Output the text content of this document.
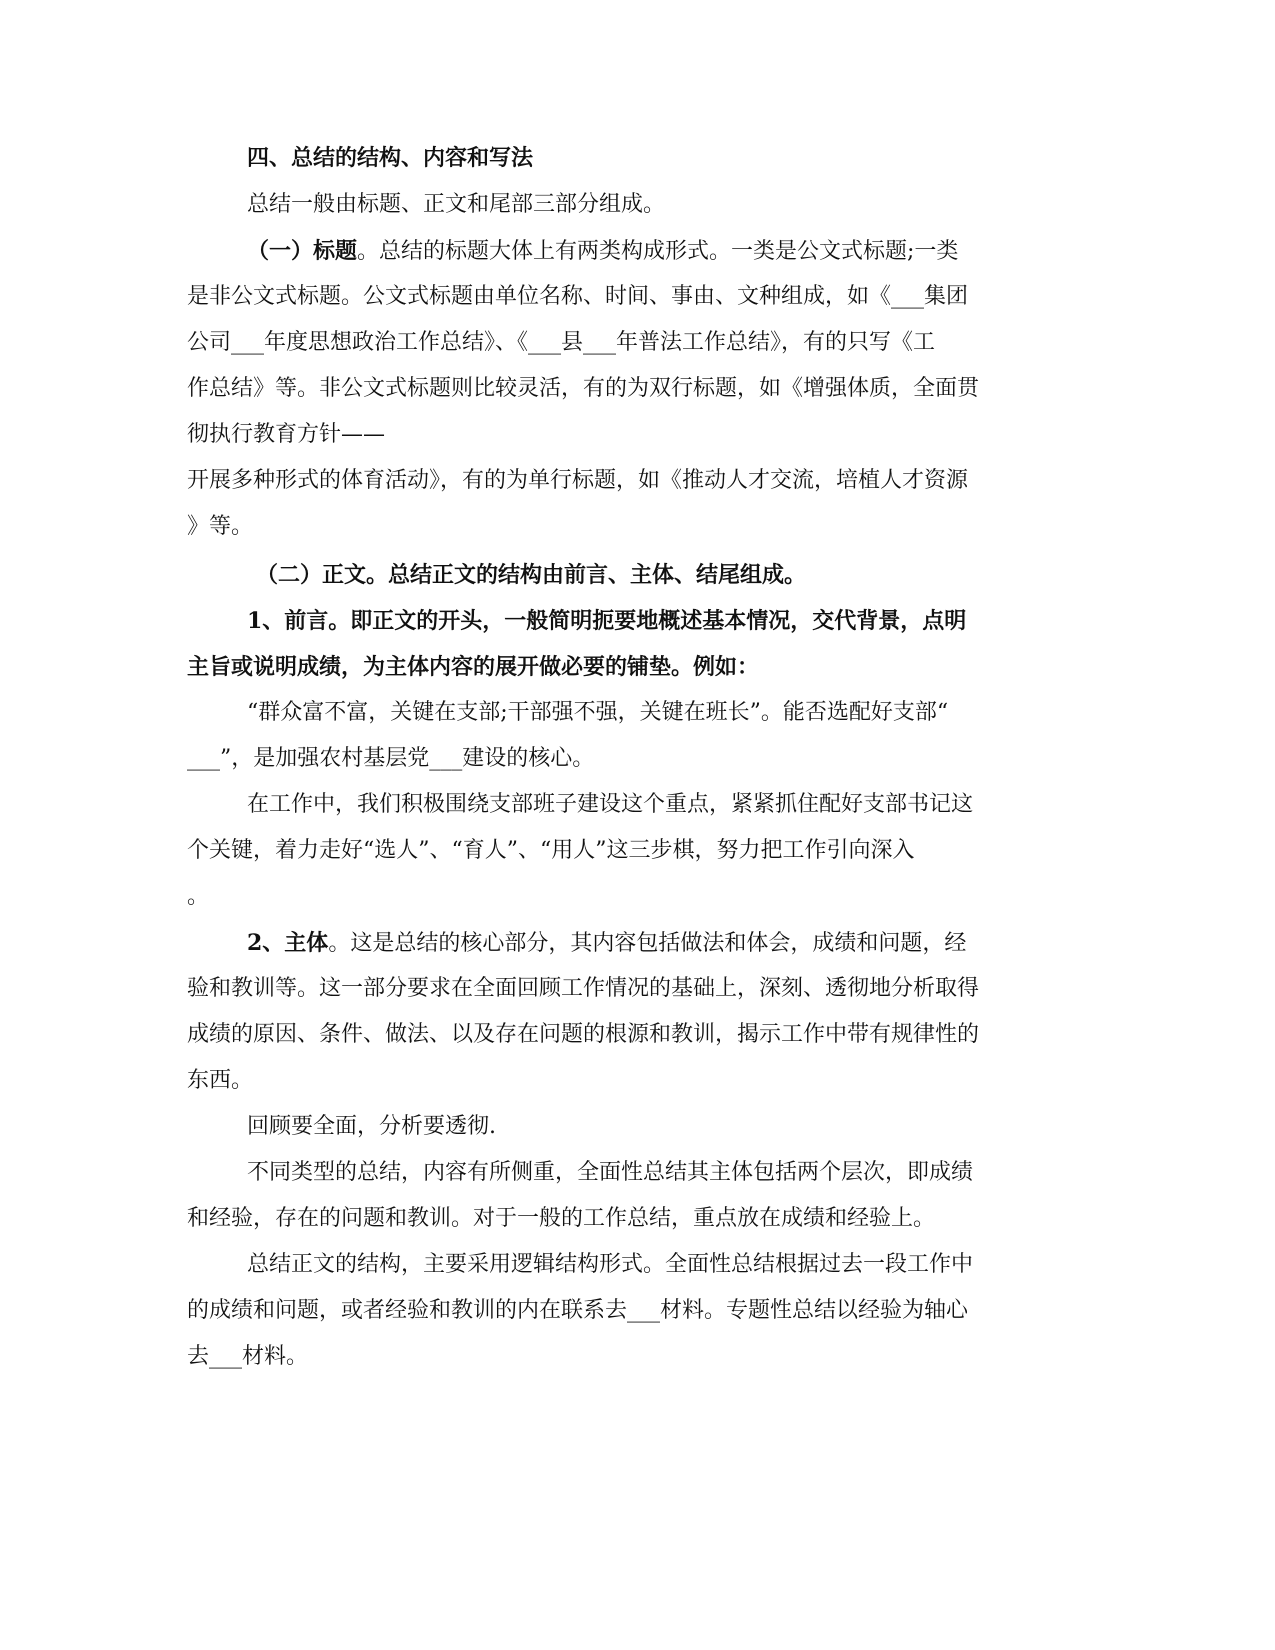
四、总结的结构、内容和写法
总结一般由标题、正文和尾部三部分组成。
（一）标题。总结的标题大体上有两类构成形式。一类是公文式标题;一类
是非公文式标题。公文式标题由单位名称、时间、事由、文种组成，如《___集团
公司___年度思想政治工作总结》、《___县___年普法工作总结》，有的只写《工
作总结》等。非公文式标题则比较灵活，有的为双行标题，如《增强体质，全面贯
彻执行教育方针——
开展多种形式的体育活动》，有的为单行标题，如《推动人才交流，培植人才资源
》等。
（二）正文。总结正文的结构由前言、主体、结尾组成。
1、前言。即正文的开头，一般简明扼要地概述基本情况，交代背景，点明
主旨或说明成绩，为主体内容的展开做必要的铺垫。例如：
“群众富不富，关键在支部;干部强不强，关键在班长”。能否选配好支部“
___”，是加强农村基层党___建设的核心。
在工作中，我们积极围绕支部班子建设这个重点，紧紧抓住配好支部书记这
个关键，着力走好“选人”、“育人”、“用人”这三步棋，努力把工作引向深入
。
2、主体。这是总结的核心部分，其内容包括做法和体会，成绩和问题，经
验和教训等。这一部分要求在全面回顾工作情况的基础上，深刻、透彻地分析取得
成绩的原因、条件、做法、以及存在问题的根源和教训，揭示工作中带有规律性的
东西。
回顾要全面，分析要透彻.
不同类型的总结，内容有所侧重，全面性总结其主体包括两个层次，即成绩
和经验，存在的问题和教训。对于一般的工作总结，重点放在成绩和经验上。
总结正文的结构，主要采用逻辑结构形式。全面性总结根据过去一段工作中
的成绩和问题，或者经验和教训的内在联系去___材料。专题性总结以经验为轴心
去___材料。
